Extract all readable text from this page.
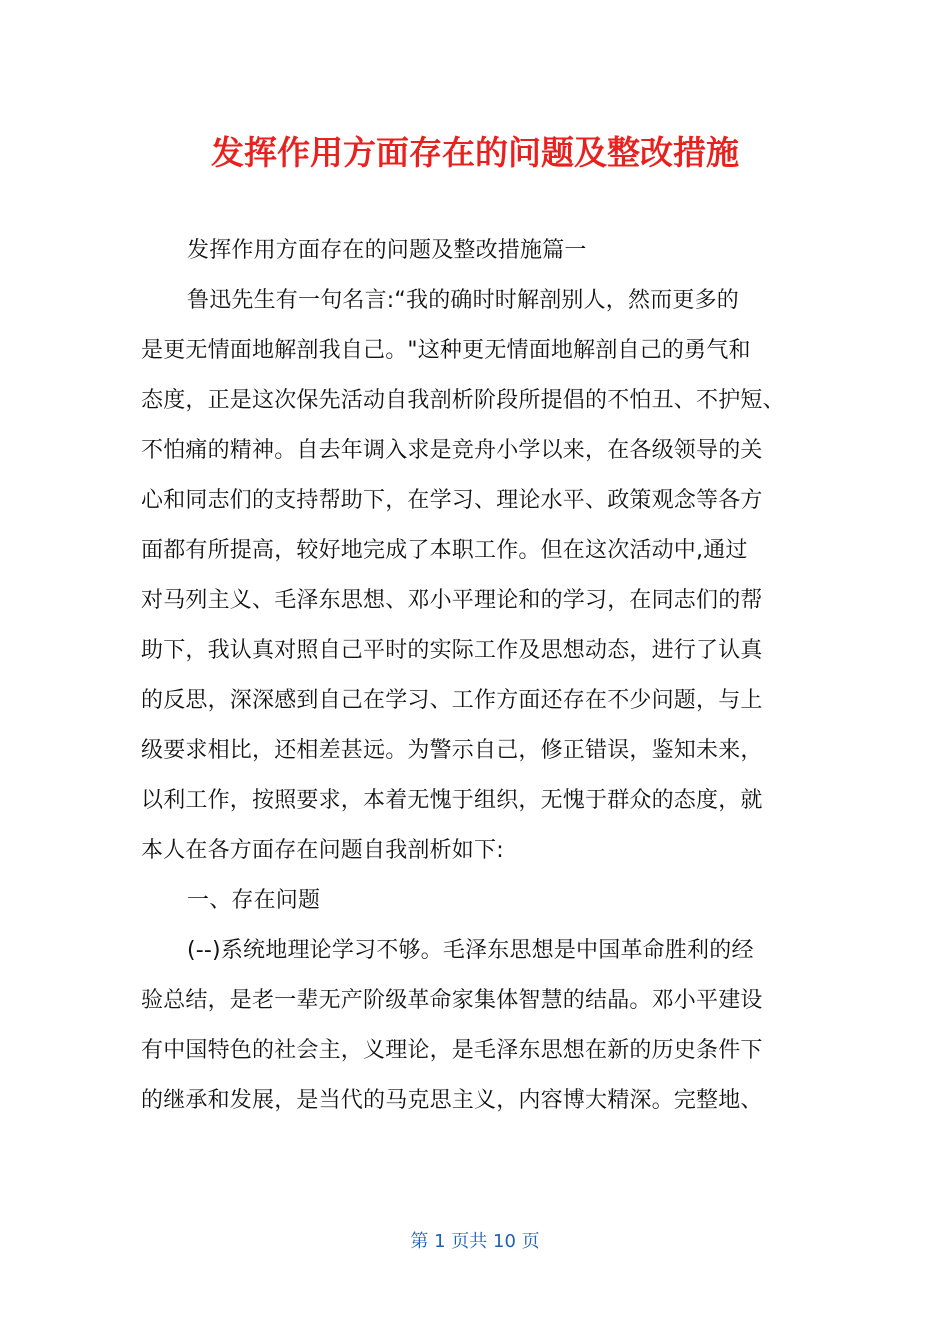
发挥作用方面存在的问题及整改措施
发挥作用方面存在的问题及整改措施篇一
鲁迅先生有一句名言:“我的确时时解剖别人，然而更多的
是更无情面地解剖我自己。"这种更无情面地解剖自己的勇气和
态度，正是这次保先活动自我剖析阶段所提倡的不怕丑、不护短、
不怕痛的精神。自去年调入求是竞舟小学以来，在各级领导的关
心和同志们的支持帮助下，在学习、理论水平、政策观念等各方
面都有所提高，较好地完成了本职工作。但在这次活动中,通过
对马列主义、毛泽东思想、邓小平理论和的学习，在同志们的帮
助下，我认真对照自己平时的实际工作及思想动态，进行了认真
的反思，深深感到自己在学习、工作方面还存在不少问题，与上
级要求相比，还相差甚远。为警示自己，修正错误，鉴知未来，
以利工作，按照要求，本着无愧于组织，无愧于群众的态度，就
本人在各方面存在问题自我剖析如下:
一、存在问题
(--)系统地理论学习不够。毛泽东思想是中国革命胜利的经
验总结，是老一辈无产阶级革命家集体智慧的结晶。邓小平建设
有中国特色的社会主，义理论，是毛泽东思想在新的历史条件下
的继承和发展，是当代的马克思主义，内容博大精深。完整地、
第 1 页共 10 页
